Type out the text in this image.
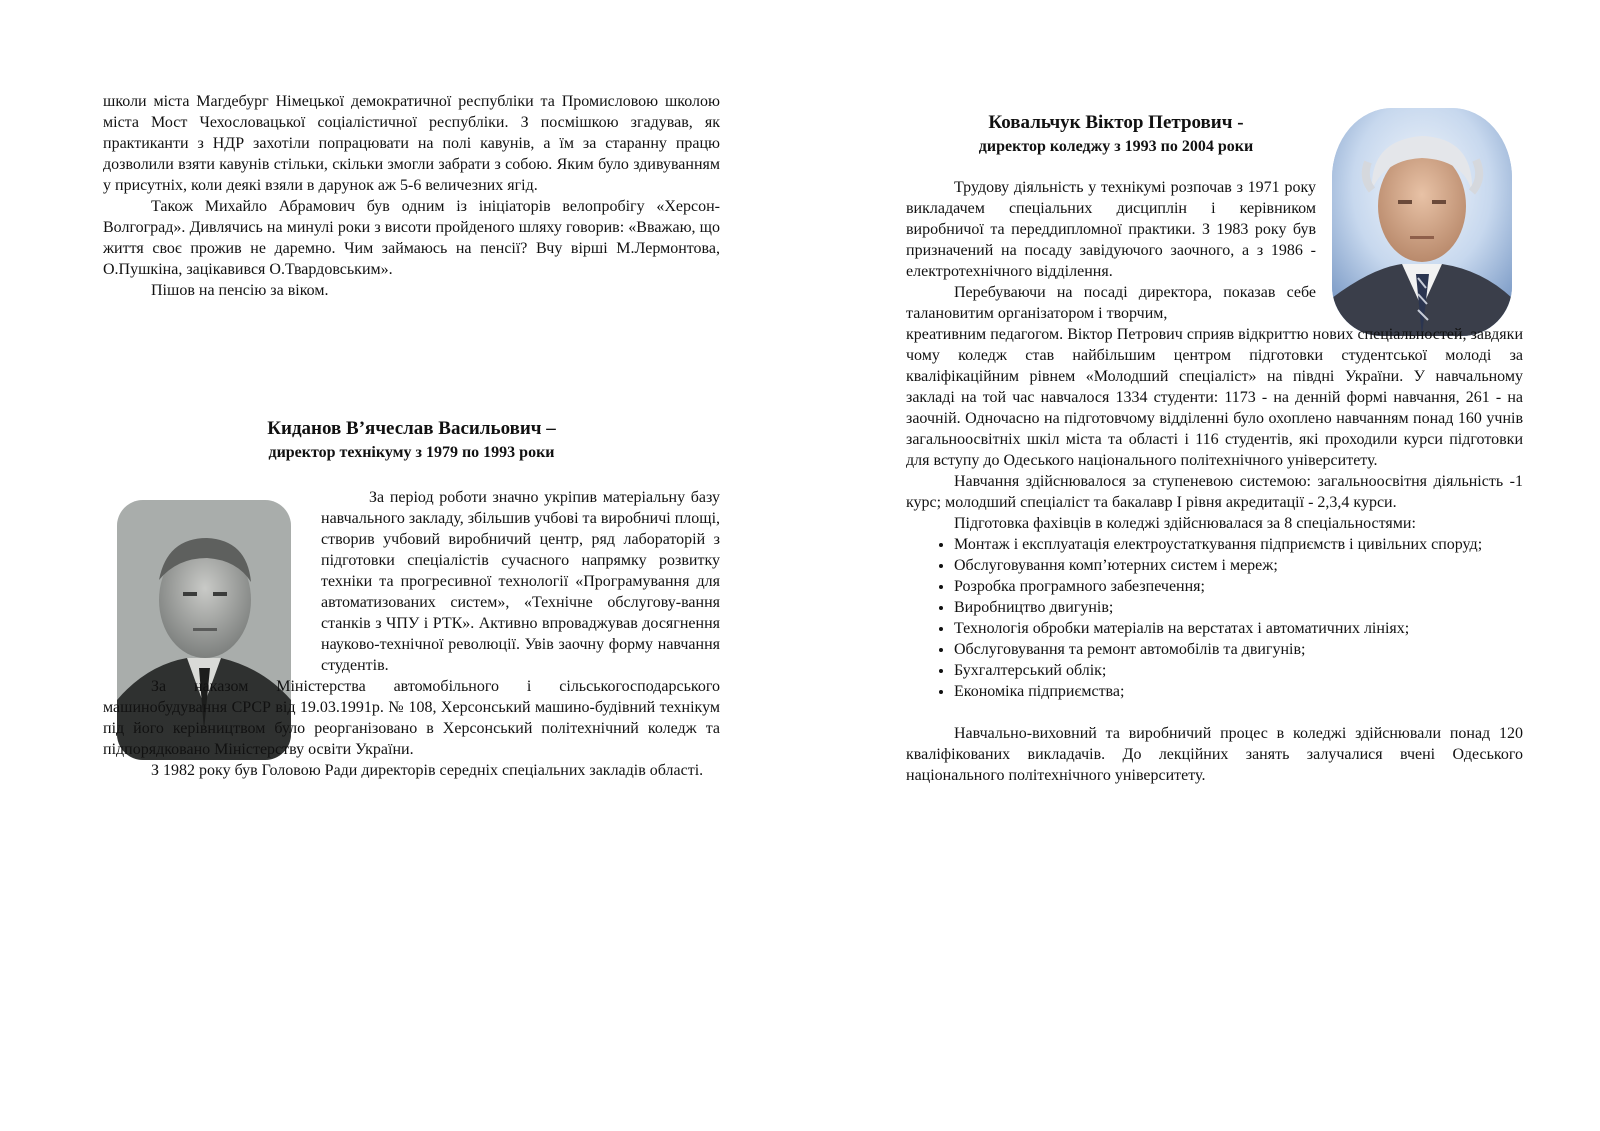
школи міста Магдебург Німецької демократичної республіки та Промисловою школою міста Мост Чехословацької соціалістичної республіки. З посмішкою згадував, як практиканти з НДР захотіли попрацювати на полі кавунів, а їм за старанну працю дозволили взяти кавунів стільки, скільки змогли забрати з собою. Яким було здивуванням у присутніх, коли деякі взяли в дарунок аж 5-6 величезних ягід.

Також Михайло Абрамович був одним із ініціаторів велопробігу «Херсон-Волгоград». Дивлячись на минулі роки з висоти пройденого шляху говорив: «Вважаю, що життя своє прожив не даремно. Чим займаюсь на пенсії? Вчу вірші М.Лермонтова, О.Пушкіна, зацікавився О.Твардовським».

Пішов на пенсію за віком.

Киданов В’ячеслав Васильович –
директор технікуму з 1979 по 1993 роки

За період роботи значно укріпив матеріальну базу навчального закладу, збільшив учбові та виробничі площі, створив учбовий виробничий центр, ряд лабораторій з підготовки спеціалістів сучасного напрямку розвитку техніки та прогресивної технології «Програмування для автоматизованих систем», «Технічне обслугову-вання станків з ЧПУ і РТК». Активно впроваджував досягнення науково-технічної революції. Увів заочну форму навчання студентів.

За наказом Міністерства автомобільного і сільськогосподарського машинобудування СРСР від 19.03.1991р. № 108, Херсонський машино-будівний технікум під його керівництвом було реорганізовано в Херсонський політехнічний коледж та підпорядковано Міністерству освіти України.

З 1982 року був Головою Ради директорів середніх спеціальних закладів області.

Ковальчук Віктор Петрович -
директор коледжу з 1993 по 2004 роки

Трудову діяльність у технікумі розпочав з 1971 року викладачем спеціальних дисциплін і керівником виробничої та переддипломної практики. З 1983 року був призначений на посаду завідуючого заочного, а з 1986 - електротехнічного відділення.

Перебуваючи на посаді директора, показав себе талановитим організатором і творчим,

креативним педагогом. Віктор Петрович сприяв відкриттю нових спеціальностей, завдяки чому коледж став найбільшим центром підготовки студентської молоді за кваліфікаційним рівнем «Молодший спеціаліст» на півдні України. У навчальному закладі на той час навчалося 1334 студенти: 1173 - на денній формі навчання, 261 - на заочній. Одночасно на підготовчому відділенні було охоплено навчанням понад 160 учнів загальноосвітніх шкіл міста та області і 116 студентів, які проходили курси підготовки для вступу до Одеського національного політехнічного університету.

Навчання здійснювалося за ступеневою системою: загальноосвітня діяльність -1 курс; молодший спеціаліст та бакалавр І рівня акредитації - 2,3,4 курси.

Підготовка фахівців в коледжі здійснювалася за 8 спеціальностями:

• Монтаж і експлуатація електроустаткування підприємств і цивільних споруд;
• Обслуговування комп’ютерних систем і мереж;
• Розробка програмного забезпечення;
• Виробництво двигунів;
• Технологія обробки матеріалів на верстатах і автоматичних лініях;
• Обслуговування та ремонт автомобілів та двигунів;
• Бухгалтерський облік;
• Економіка підприємства;

Навчально-виховний та виробничий процес в коледжі здійснювали понад 120 кваліфікованих викладачів. До лекційних занять залучалися вчені Одеського національного політехнічного університету.
